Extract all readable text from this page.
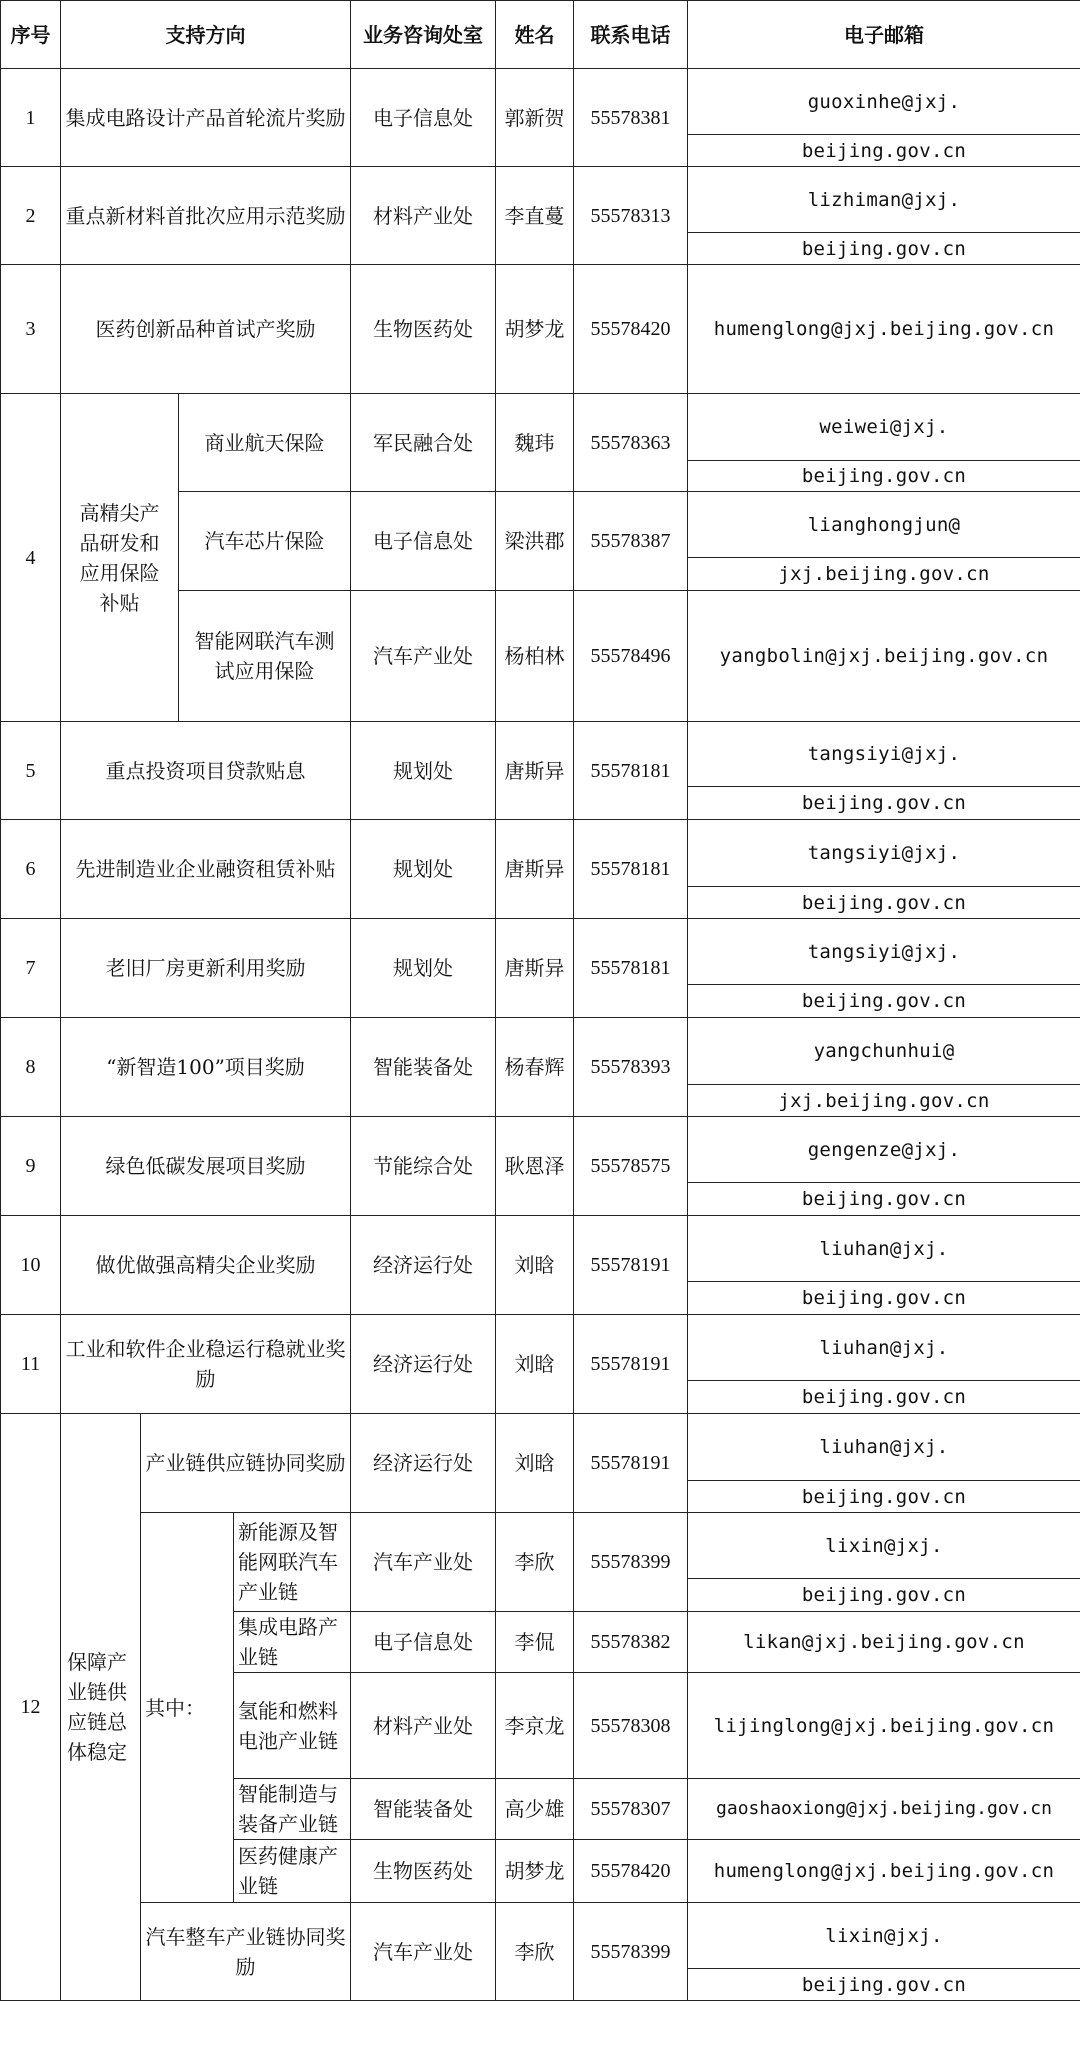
序号	支持方向				业务咨询处室	姓名	联系电话	电子邮箱
1	集成电路设计产品首轮流片奖励				电子信息处	郭新贺	55578381	guoxinhe@jxj.
								beijing.gov.cn
2	重点新材料首批次应用示范奖励				材料产业处	李直蔓	55578313	lizhiman@jxj.
								beijing.gov.cn
3	医药创新品种首试产奖励				生物医药处	胡梦龙	55578420	humenglong@jxj.beijing.gov.cn
4	高精尖产品研发和应用保险补贴		商业航天保险		军民融合处	魏玮	55578363	weiwei@jxj.
								beijing.gov.cn
			汽车芯片保险		电子信息处	梁洪郡	55578387	lianghongjun@
								jxj.beijing.gov.cn
			智能网联汽车测试应用保险		汽车产业处	杨柏林	55578496	yangbolin@jxj.beijing.gov.cn
5	重点投资项目贷款贴息				规划处	唐斯异	55578181	tangsiyi@jxj.
								beijing.gov.cn
6	先进制造业企业融资租赁补贴				规划处	唐斯异	55578181	tangsiyi@jxj.
								beijing.gov.cn
7	老旧厂房更新利用奖励				规划处	唐斯异	55578181	tangsiyi@jxj.
								beijing.gov.cn
8	“新智造100”项目奖励				智能装备处	杨春辉	55578393	yangchunhui@
								jxj.beijing.gov.cn
9	绿色低碳发展项目奖励				节能综合处	耿恩泽	55578575	gengenze@jxj.
								beijing.gov.cn
10	做优做强高精尖企业奖励				经济运行处	刘晗	55578191	liuhan@jxj.
								beijing.gov.cn
11	工业和软件企业稳运行稳就业奖励				经济运行处	刘晗	55578191	liuhan@jxj.
								beijing.gov.cn
12	保障产业链供应链总体稳定	产业链供应链协同奖励			经济运行处	刘晗	55578191	liuhan@jxj.
								beijing.gov.cn
		其中：		新能源及智能网联汽车产业链	汽车产业处	李欣	55578399	lixin@jxj.
								beijing.gov.cn
				集成电路产业链	电子信息处	李侃	55578382	likan@jxj.beijing.gov.cn

				氢能和燃料电池产业链	材料产业处	李京龙	55578308	lijinglong@jxj.beijing.gov.cn

				智能制造与装备产业链	智能装备处	高少雄	55578307	gaoshaoxiong@jxj.beijing.gov.cn

				医药健康产业链	生物医药处	胡梦龙	55578420	humenglong@jxj.beijing.gov.cn

		汽车整车产业链协同奖励			汽车产业处	李欣	55578399	lixin@jxj.
								beijing.gov.cn
